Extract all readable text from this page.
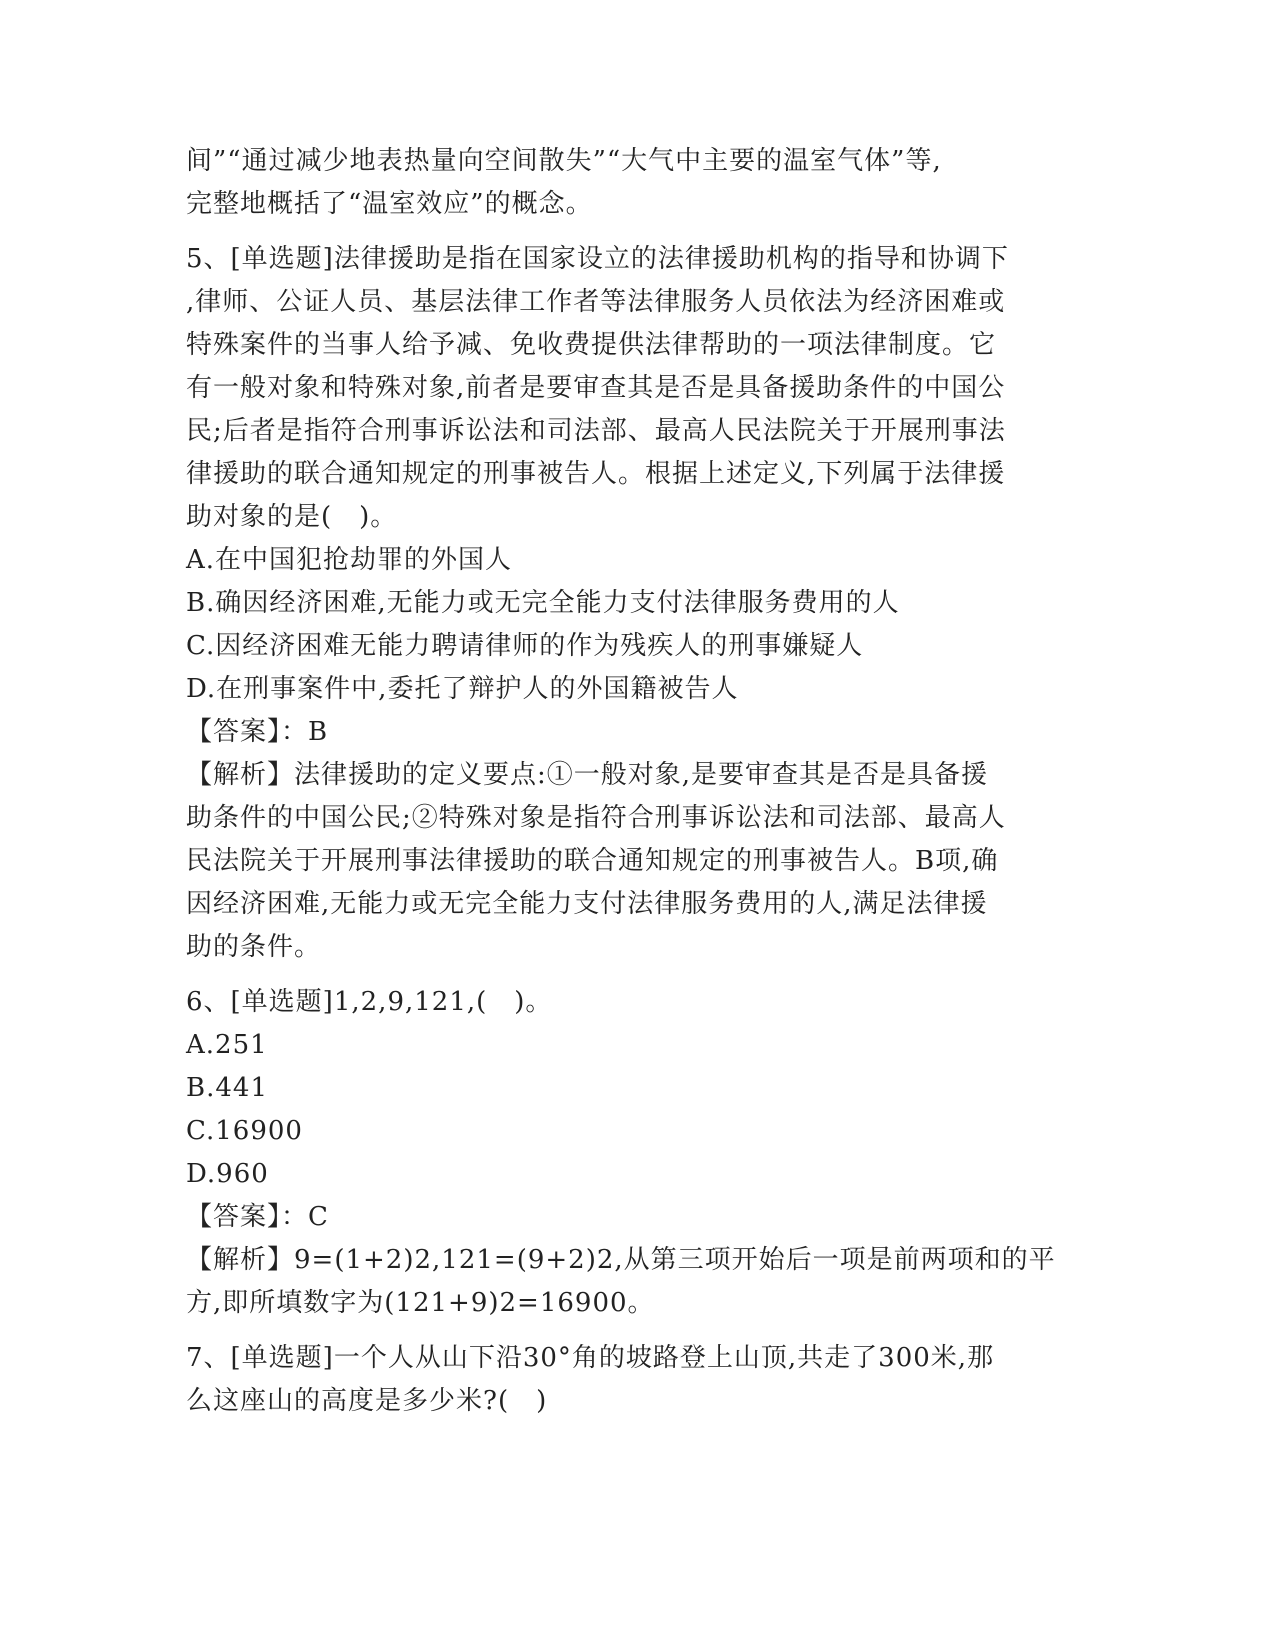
间”“通过减少地表热量向空间散失”“大气中主要的温室气体”等,
完整地概括了“温室效应”的概念。
5、[单选题]法律援助是指在国家设立的法律援助机构的指导和协调下
,律师、公证人员、基层法律工作者等法律服务人员依法为经济困难或
特殊案件的当事人给予减、免收费提供法律帮助的一项法律制度。它
有一般对象和特殊对象,前者是要审查其是否是具备援助条件的中国公
民;后者是指符合刑事诉讼法和司法部、最高人民法院关于开展刑事法
律援助的联合通知规定的刑事被告人。根据上述定义,下列属于法律援
助对象的是(　)。
A.在中国犯抢劫罪的外国人
B.确因经济困难,无能力或无完全能力支付法律服务费用的人
C.因经济困难无能力聘请律师的作为残疾人的刑事嫌疑人
D.在刑事案件中,委托了辩护人的外国籍被告人
【答案】：B
【解析】法律援助的定义要点:①一般对象,是要审查其是否是具备援
助条件的中国公民;②特殊对象是指符合刑事诉讼法和司法部、最高人
民法院关于开展刑事法律援助的联合通知规定的刑事被告人。B项,确
因经济困难,无能力或无完全能力支付法律服务费用的人,满足法律援
助的条件。
6、[单选题]1,2,9,121,(　)。
A.251
B.441
C.16900
D.960
【答案】：C
【解析】9=(1+2)2,121=(9+2)2,从第三项开始后一项是前两项和的平
方,即所填数字为(121+9)2=16900。
7、[单选题]一个人从山下沿30°角的坡路登上山顶,共走了300米,那
么这座山的高度是多少米?(　)
